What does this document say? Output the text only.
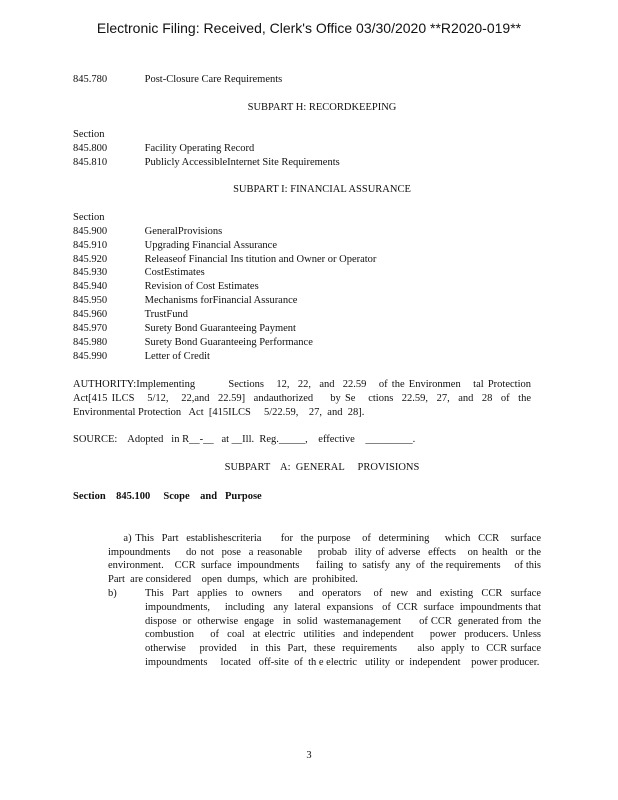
Electronic Filing: Received, Clerk's Office 03/30/2020 **R2020-019**
845.780	Post-Closure Care Requirements
SUBPART H: RECORDKEEPING
Section
845.800	Facility Operating Record
845.810	Publicly AccessibleInternet Site Requirements
SUBPART I: FINANCIAL ASSURANCE
Section
845.900	GeneralProvisions
845.910	Upgrading Financial Assurance
845.920	Releaseof Financial Ins titution and Owner or Operator
845.930	CostEstimates
845.940	Revision of Cost Estimates
845.950	Mechanisms forFinancial Assurance
845.960	TrustFund
845.970	Surety Bond Guaranteeing Payment
845.980	Surety Bond Guaranteeing Performance
845.990	Letter of Credit
AUTHORITY:Implementing        Sections   12,  22,  and  22.59   of the Environmen   tal Protection   Act[415 ILCS   5/12,   22,and  22.59]  andauthorized    by Se   ctions  22.59,  27,  and  28  of  the  Environmental Protection   Act  [415ILCS     5/22.59,    27,  and  28].
SOURCE:    Adopted   in R__-__   at __Ill.  Reg._____,    effective    _________.
SUBPART    A:  GENERAL     PROVISIONS
Section    845.100     Scope    and   Purpose

a) This  Part  establishescriteria     for  the purpose   of  determining    which  CCR   surface impoundments    do not  pose  a reasonable    probab  ility of adverse  effects   on health  or the  environment.    CCR  surface  impoundments      failing  to  satisfy  any  of  the requirements     of this  Part  are considered    open  dumps,  which  are  prohibited.

b)	This  Part  applies  to  owners    and  operators   of  new  and  existing  CCR  surface impoundments,     including   any  lateral  expansions   of  CCR  surface  impoundments that  dispose  or  otherwise  engage   in  solid  wastemanagement      of CCR  generated from  the  combustion    of  coal  at electric  utilities  and independent    power  producers. Unless  otherwise    provided    in  this  Part,  these  requirements      also  apply  to  CCR surface  impoundments     located   off-site  of  th e electric   utility  or  independent    power producer.
3
